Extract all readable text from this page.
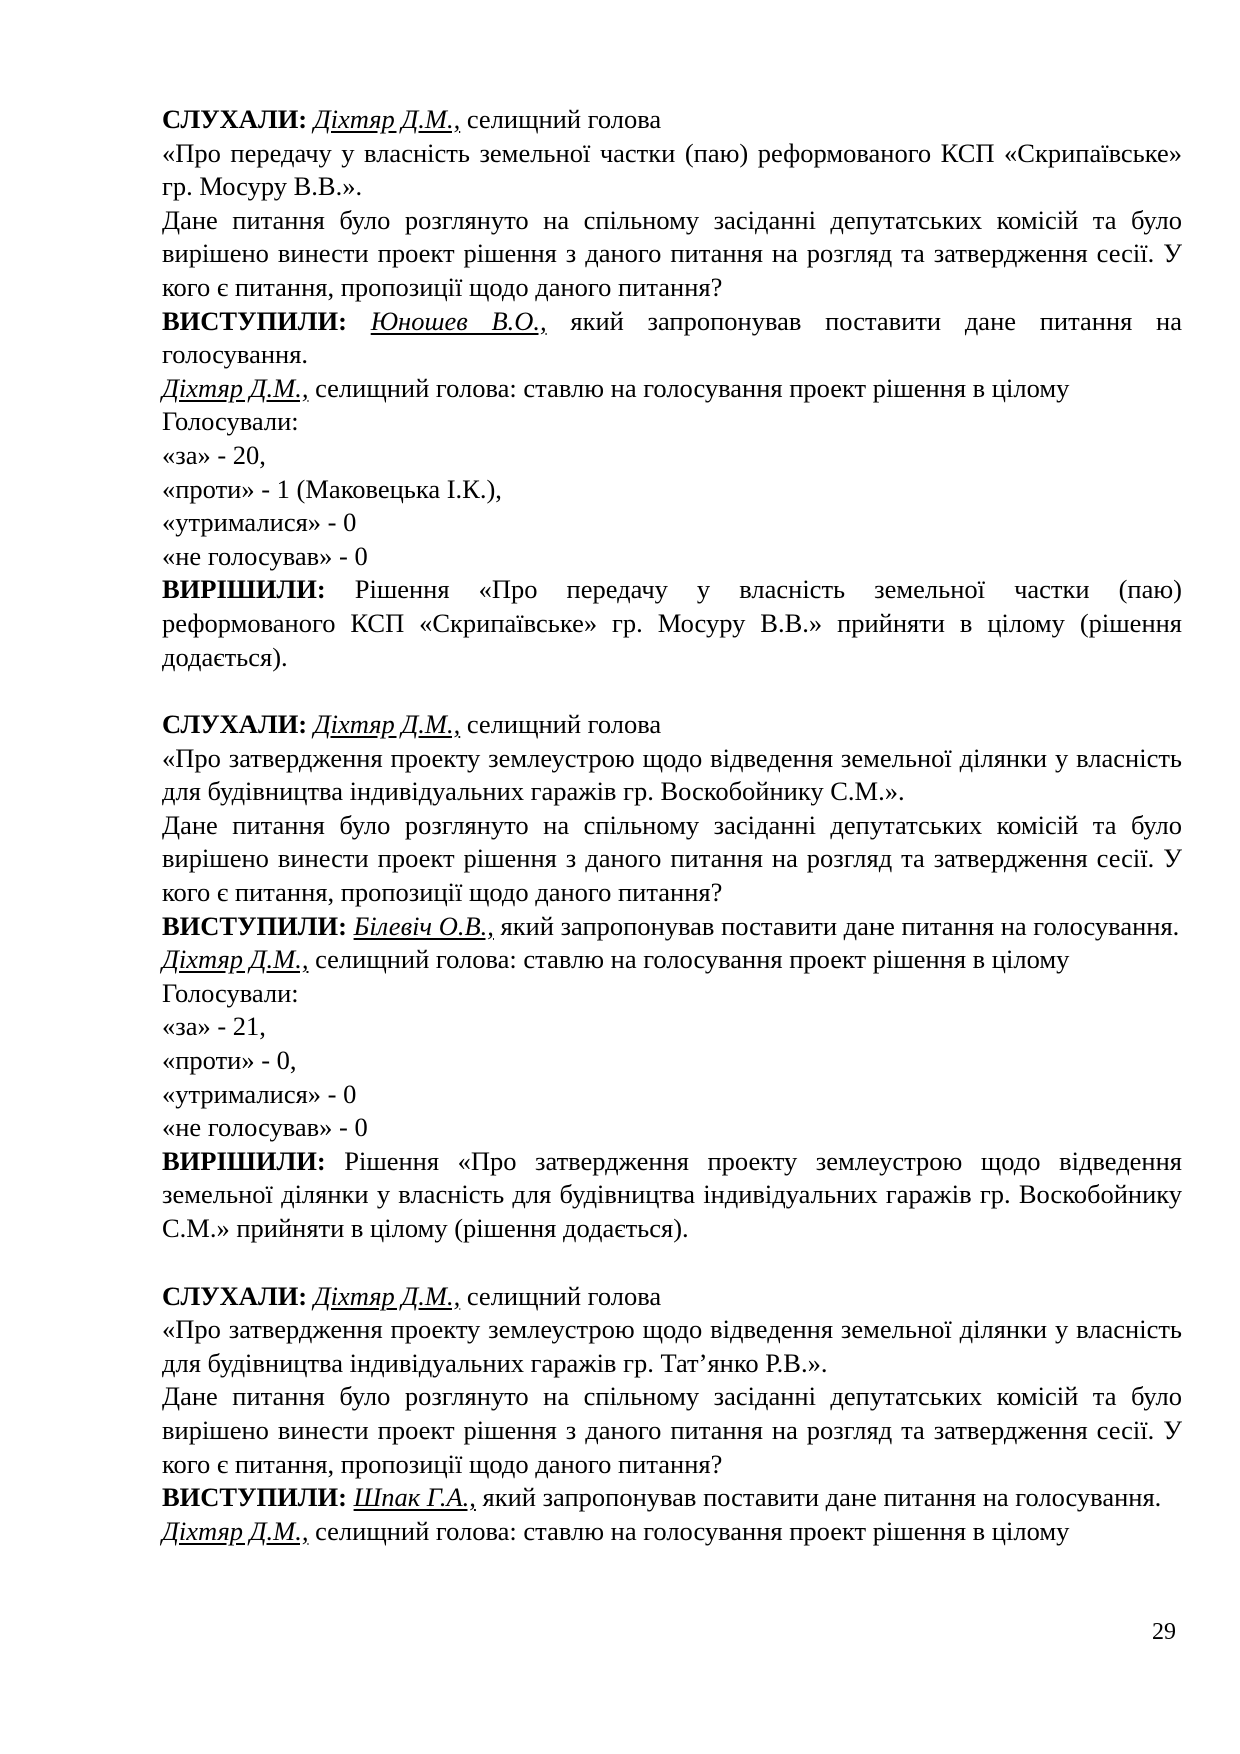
СЛУХАЛИ: Діхтяр Д.М., селищний голова

«Про передачу у власність земельної частки (паю) реформованого КСП «Скрипаївське» гр. Мосуру В.В.».

Дане питання було розглянуто на спільному засіданні депутатських комісій та було вирішено винести проект рішення з даного питання на розгляд та затвердження сесії. У кого є питання, пропозиції щодо даного питання?

ВИСТУПИЛИ: Юношев В.О., який запропонував поставити дане питання на голосування.

Діхтяр Д.М., селищний голова: ставлю на голосування проект рішення в цілому

Голосували:

«за» - 20,

«проти» - 1 (Маковецька І.К.),

«утрималися» - 0

«не голосував» - 0

ВИРІШИЛИ: Рішення «Про передачу у власність земельної частки (паю) реформованого КСП «Скрипаївське» гр. Мосуру В.В.» прийняти в цілому (рішення додається).

СЛУХАЛИ: Діхтяр Д.М., селищний голова

«Про затвердження проекту землеустрою щодо відведення земельної ділянки у власність для будівництва індивідуальних гаражів гр. Воскобойнику С.М.».

Дане питання було розглянуто на спільному засіданні депутатських комісій та було вирішено винести проект рішення з даного питання на розгляд та затвердження сесії. У кого є питання, пропозиції щодо даного питання?

ВИСТУПИЛИ: Білевіч О.В., який запропонував поставити дане питання на голосування.

Діхтяр Д.М., селищний голова: ставлю на голосування проект рішення в цілому

Голосували:

«за» - 21,

«проти» - 0,

«утрималися» - 0

«не голосував» - 0

ВИРІШИЛИ: Рішення «Про затвердження проекту землеустрою щодо відведення земельної ділянки у власність для будівництва індивідуальних гаражів гр. Воскобойнику С.М.» прийняти в цілому (рішення додається).

СЛУХАЛИ: Діхтяр Д.М., селищний голова

«Про затвердження проекту землеустрою щодо відведення земельної ділянки у власність для будівництва індивідуальних гаражів гр. Тат’янко Р.В.».

Дане питання було розглянуто на спільному засіданні депутатських комісій та було вирішено винести проект рішення з даного питання на розгляд та затвердження сесії. У кого є питання, пропозиції щодо даного питання?

ВИСТУПИЛИ: Шпак Г.А., який запропонував поставити дане питання на голосування.

Діхтяр Д.М., селищний голова: ставлю на голосування проект рішення в цілому

29
